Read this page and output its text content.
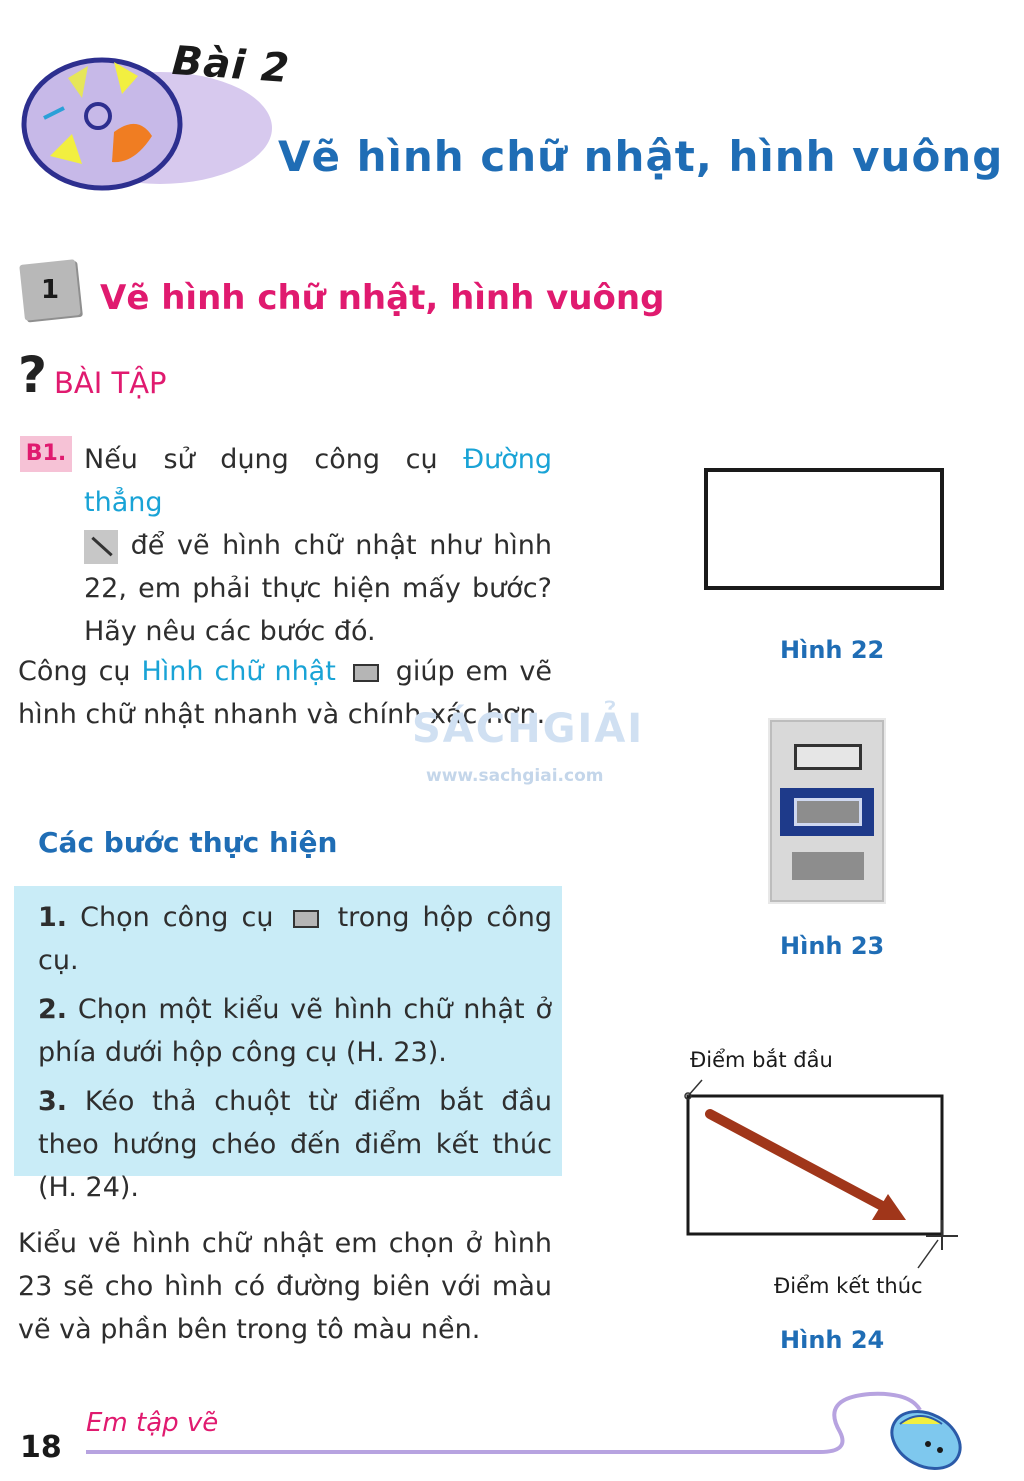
Bài 2
Vẽ hình chữ nhật, hình vuông
1	Vẽ hình chữ nhật, hình vuông
? BÀI TẬP
B1. Nếu sử dụng công cụ Đường thẳng
để vẽ hình chữ nhật như hình 22, em phải thực hiện mấy bước? Hãy nêu các bước đó.
Công cụ Hình chữ nhật giúp em vẽ hình chữ nhật nhanh và chính xác hơn.
SÁCHGIẢI
www.sachgiai.com
Các bước thực hiện
1. Chọn công cụ trong hộp công cụ.
2. Chọn một kiểu vẽ hình chữ nhật ở phía dưới hộp công cụ (H. 23).
3. Kéo thả chuột từ điểm bắt đầu theo hướng chéo đến điểm kết thúc (H. 24).
Kiểu vẽ hình chữ nhật em chọn ở hình 23 sẽ cho hình có đường biên với màu vẽ và phần bên trong tô màu nền.
Hình 22
Hình 23
Điểm bắt đầu
Điểm kết thúc
Hình 24
18
Em tập vẽ
